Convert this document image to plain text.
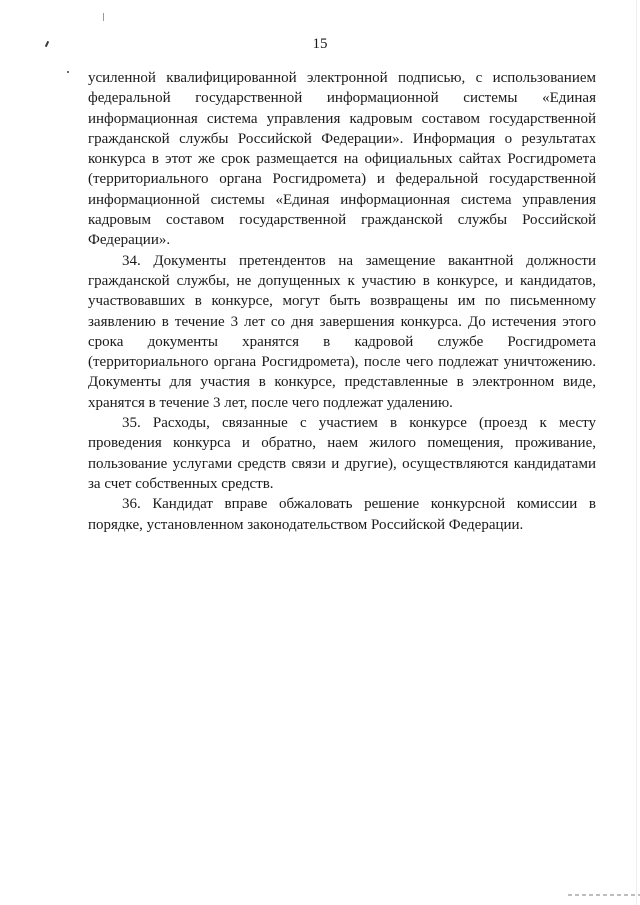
15

усиленной квалифицированной электронной подписью, с использованием федеральной государственной информационной системы «Единая информационная система управления кадровым составом государственной гражданской службы Российской Федерации». Информация о результатах конкурса в этот же срок размещается на официальных сайтах Росгидромета (территориального органа Росгидромета) и федеральной государственной информационной системы «Единая информационная система управления кадровым составом государственной гражданской службы Российской Федерации».

34. Документы претендентов на замещение вакантной должности гражданской службы, не допущенных к участию в конкурсе, и кандидатов, участвовавших в конкурсе, могут быть возвращены им по письменному заявлению в течение 3 лет со дня завершения конкурса. До истечения этого срока документы хранятся в кадровой службе Росгидромета (территориального органа Росгидромета), после чего подлежат уничтожению. Документы для участия в конкурсе, представленные в электронном виде, хранятся в течение 3 лет, после чего подлежат удалению.

35. Расходы, связанные с участием в конкурсе (проезд к месту проведения конкурса и обратно, наем жилого помещения, проживание, пользование услугами средств связи и другие), осуществляются кандидатами за счет собственных средств.

36. Кандидат вправе обжаловать решение конкурсной комиссии в порядке, установленном законодательством Российской Федерации.
